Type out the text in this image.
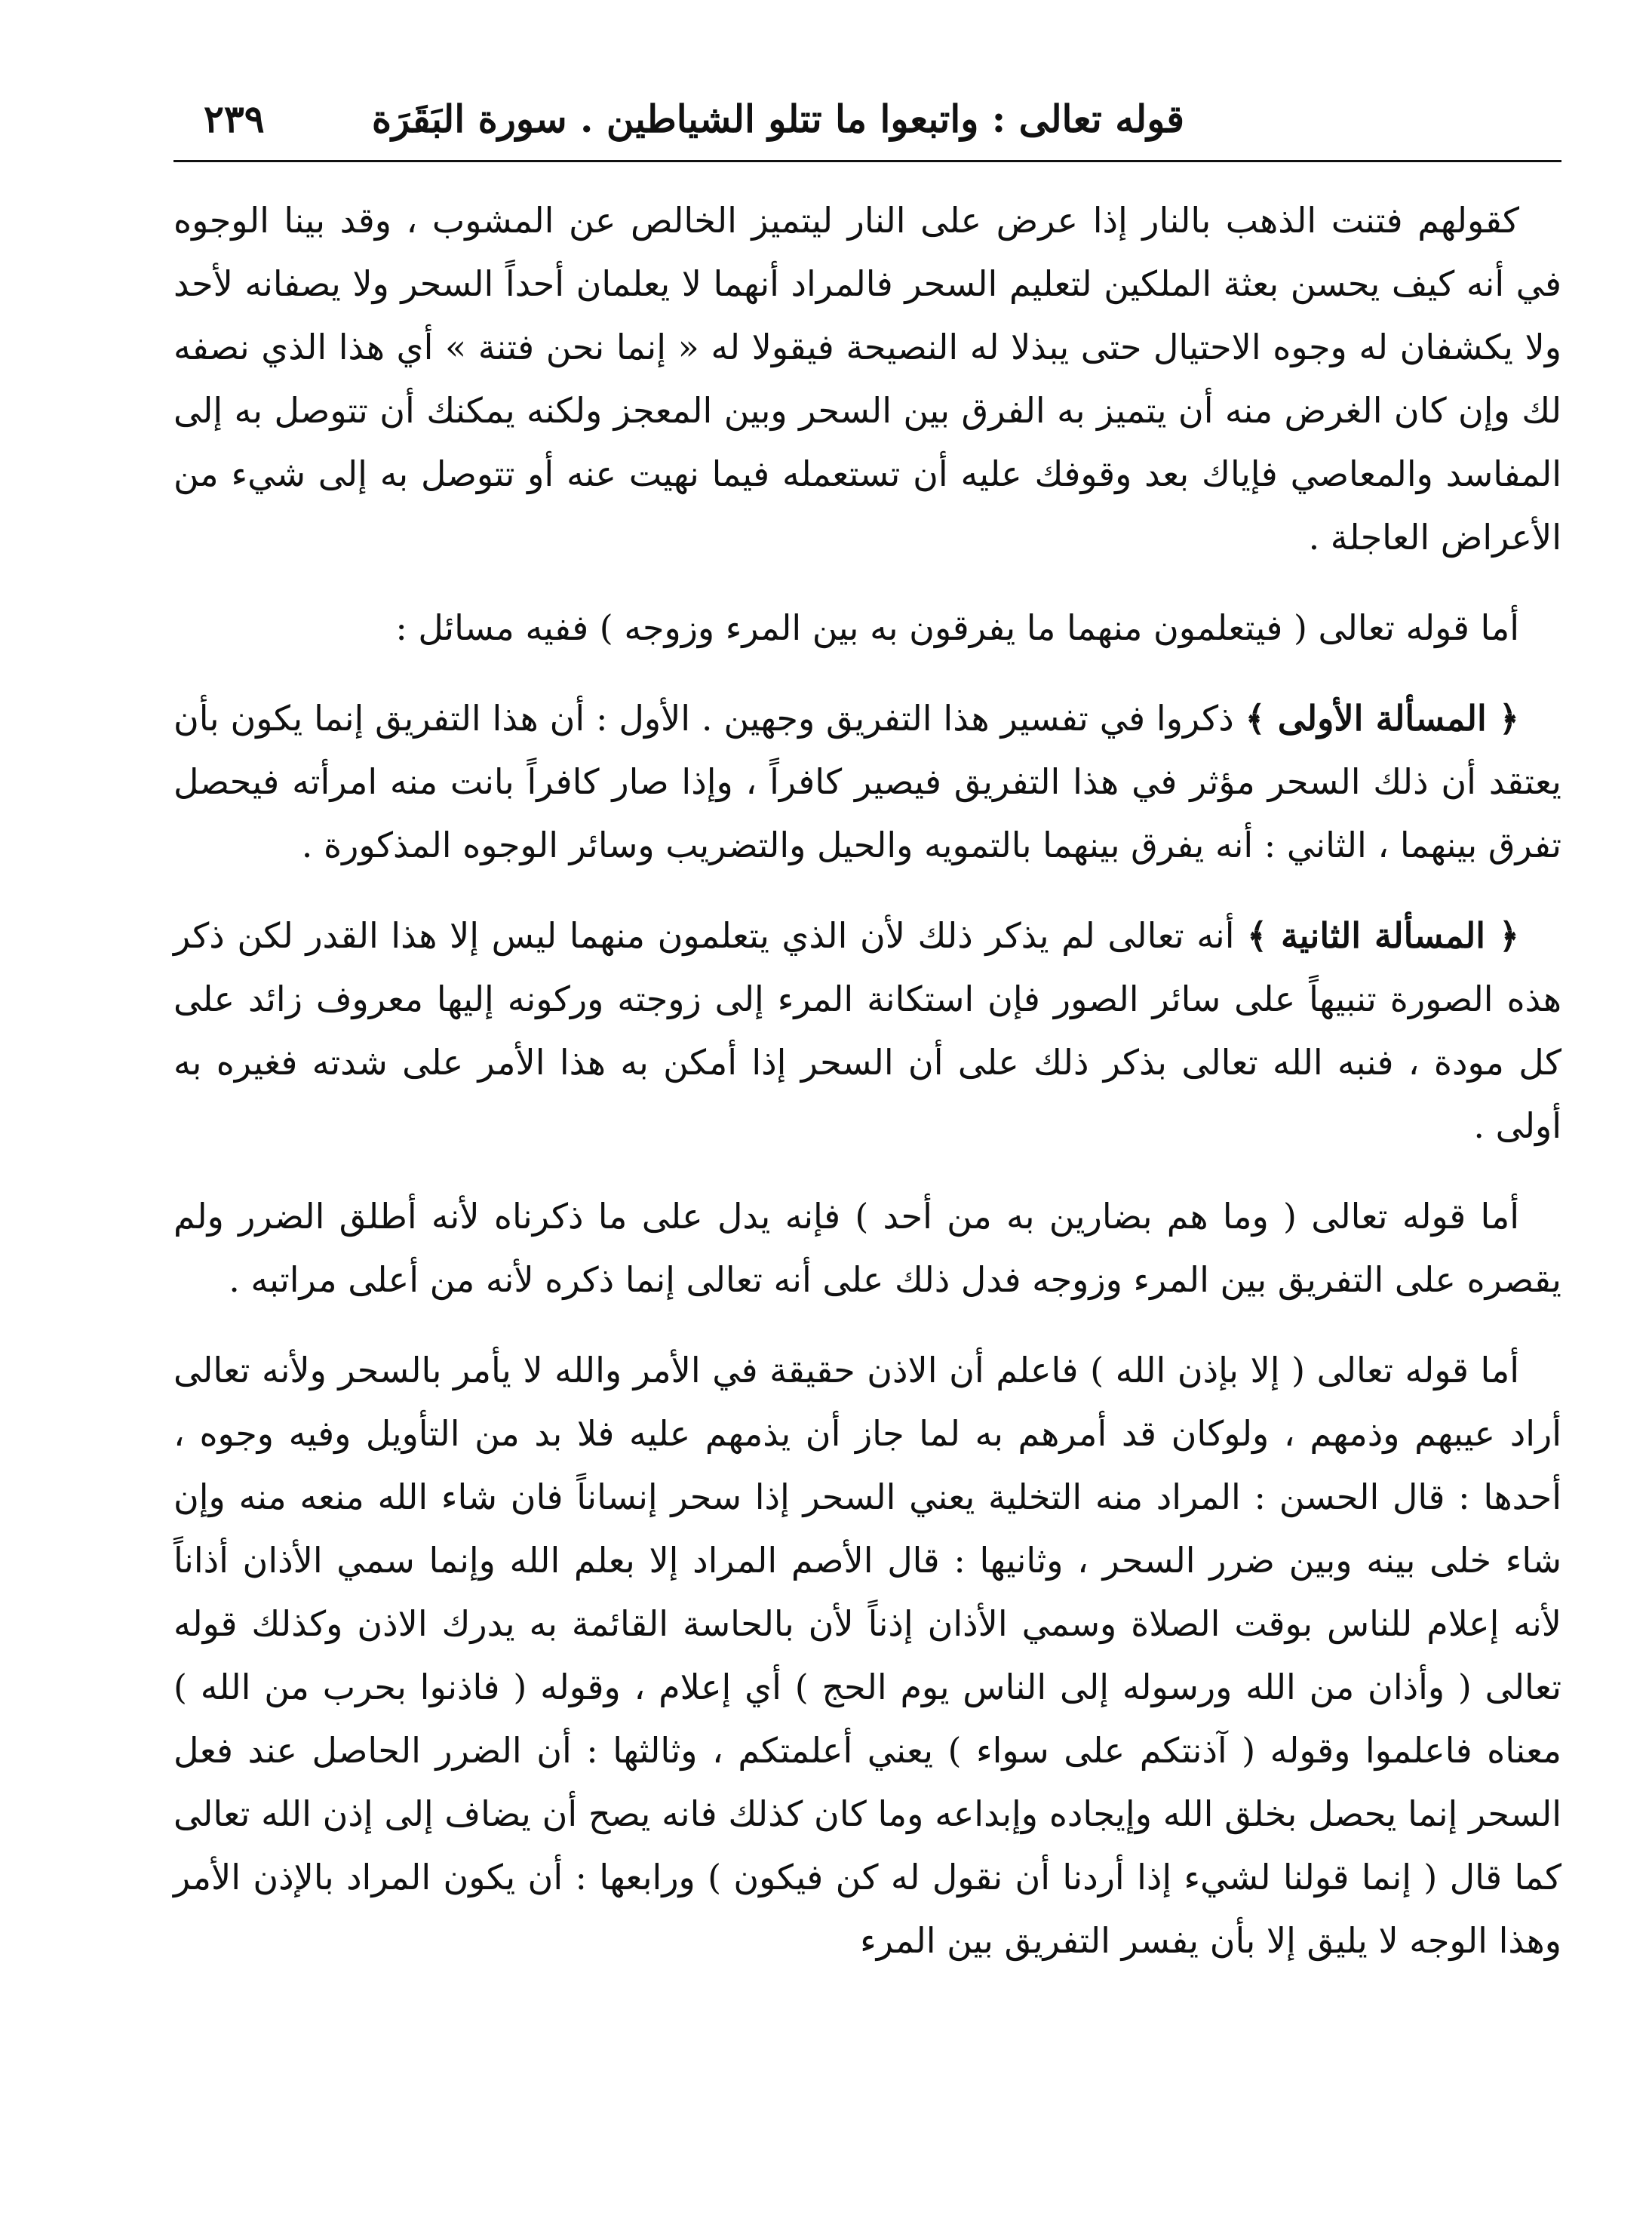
قوله تعالى : واتبعوا ما تتلو الشياطين . سورة البَقَرَة
٢٣٩

كقولهم فتنت الذهب بالنار إذا عرض على النار ليتميز الخالص عن المشوب ، وقد بينا الوجوه في أنه كيف يحسن بعثة الملكين لتعليم السحر فالمراد أنهما لا يعلمان أحداً السحر ولا يصفانه لأحد ولا يكشفان له وجوه الاحتيال حتى يبذلا له النصيحة فيقولا له « إنما نحن فتنة » أي هذا الذي نصفه لك وإن كان الغرض منه أن يتميز به الفرق بين السحر وبين المعجز ولكنه يمكنك أن تتوصل به إلى المفاسد والمعاصي فإياك بعد وقوفك عليه أن تستعمله فيما نهيت عنه أو تتوصل به إلى شيء من الأعراض العاجلة .

أما قوله تعالى ( فيتعلمون منهما ما يفرقون به بين المرء وزوجه ) ففيه مسائل :

﴿ المسألة الأولى ﴾ ذكروا في تفسير هذا التفريق وجهين . الأول : أن هذا التفريق إنما يكون بأن يعتقد أن ذلك السحر مؤثر في هذا التفريق فيصير كافراً ، وإذا صار كافراً بانت منه امرأته فيحصل تفرق بينهما ، الثاني : أنه يفرق بينهما بالتمويه والحيل والتضريب وسائر الوجوه المذكورة .

﴿ المسألة الثانية ﴾ أنه تعالى لم يذكر ذلك لأن الذي يتعلمون منهما ليس إلا هذا القدر لكن ذكر هذه الصورة تنبيهاً على سائر الصور فإن استكانة المرء إلى زوجته وركونه إليها معروف زائد على كل مودة ، فنبه الله تعالى بذكر ذلك على أن السحر إذا أمكن به هذا الأمر على شدته فغيره به أولى .

أما قوله تعالى ( وما هم بضارين به من أحد ) فإنه يدل على ما ذكرناه لأنه أطلق الضرر ولم يقصره على التفريق بين المرء وزوجه فدل ذلك على أنه تعالى إنما ذكره لأنه من أعلى مراتبه .

أما قوله تعالى ( إلا بإذن الله ) فاعلم أن الاذن حقيقة في الأمر والله لا يأمر بالسحر ولأنه تعالى أراد عيبهم وذمهم ، ولوكان قد أمرهم به لما جاز أن يذمهم عليه فلا بد من التأويل وفيه وجوه ، أحدها : قال الحسن : المراد منه التخلية يعني السحر إذا سحر إنساناً فان شاء الله منعه منه وإن شاء خلى بينه وبين ضرر السحر ، وثانيها : قال الأصم المراد إلا بعلم الله وإنما سمي الأذان أذاناً لأنه إعلام للناس بوقت الصلاة وسمي الأذان إذناً لأن بالحاسة القائمة به يدرك الاذن وكذلك قوله تعالى ( وأذان من الله ورسوله إلى الناس يوم الحج ) أي إعلام ، وقوله ( فاذنوا بحرب من الله ) معناه فاعلموا وقوله ( آذنتكم على سواء ) يعني أعلمتكم ، وثالثها : أن الضرر الحاصل عند فعل السحر إنما يحصل بخلق الله وإيجاده وإبداعه وما كان كذلك فانه يصح أن يضاف إلى إذن الله تعالى كما قال ( إنما قولنا لشيء إذا أردنا أن نقول له كن فيكون ) ورابعها : أن يكون المراد بالإذن الأمر وهذا الوجه لا يليق إلا بأن يفسر التفريق بين المرء
